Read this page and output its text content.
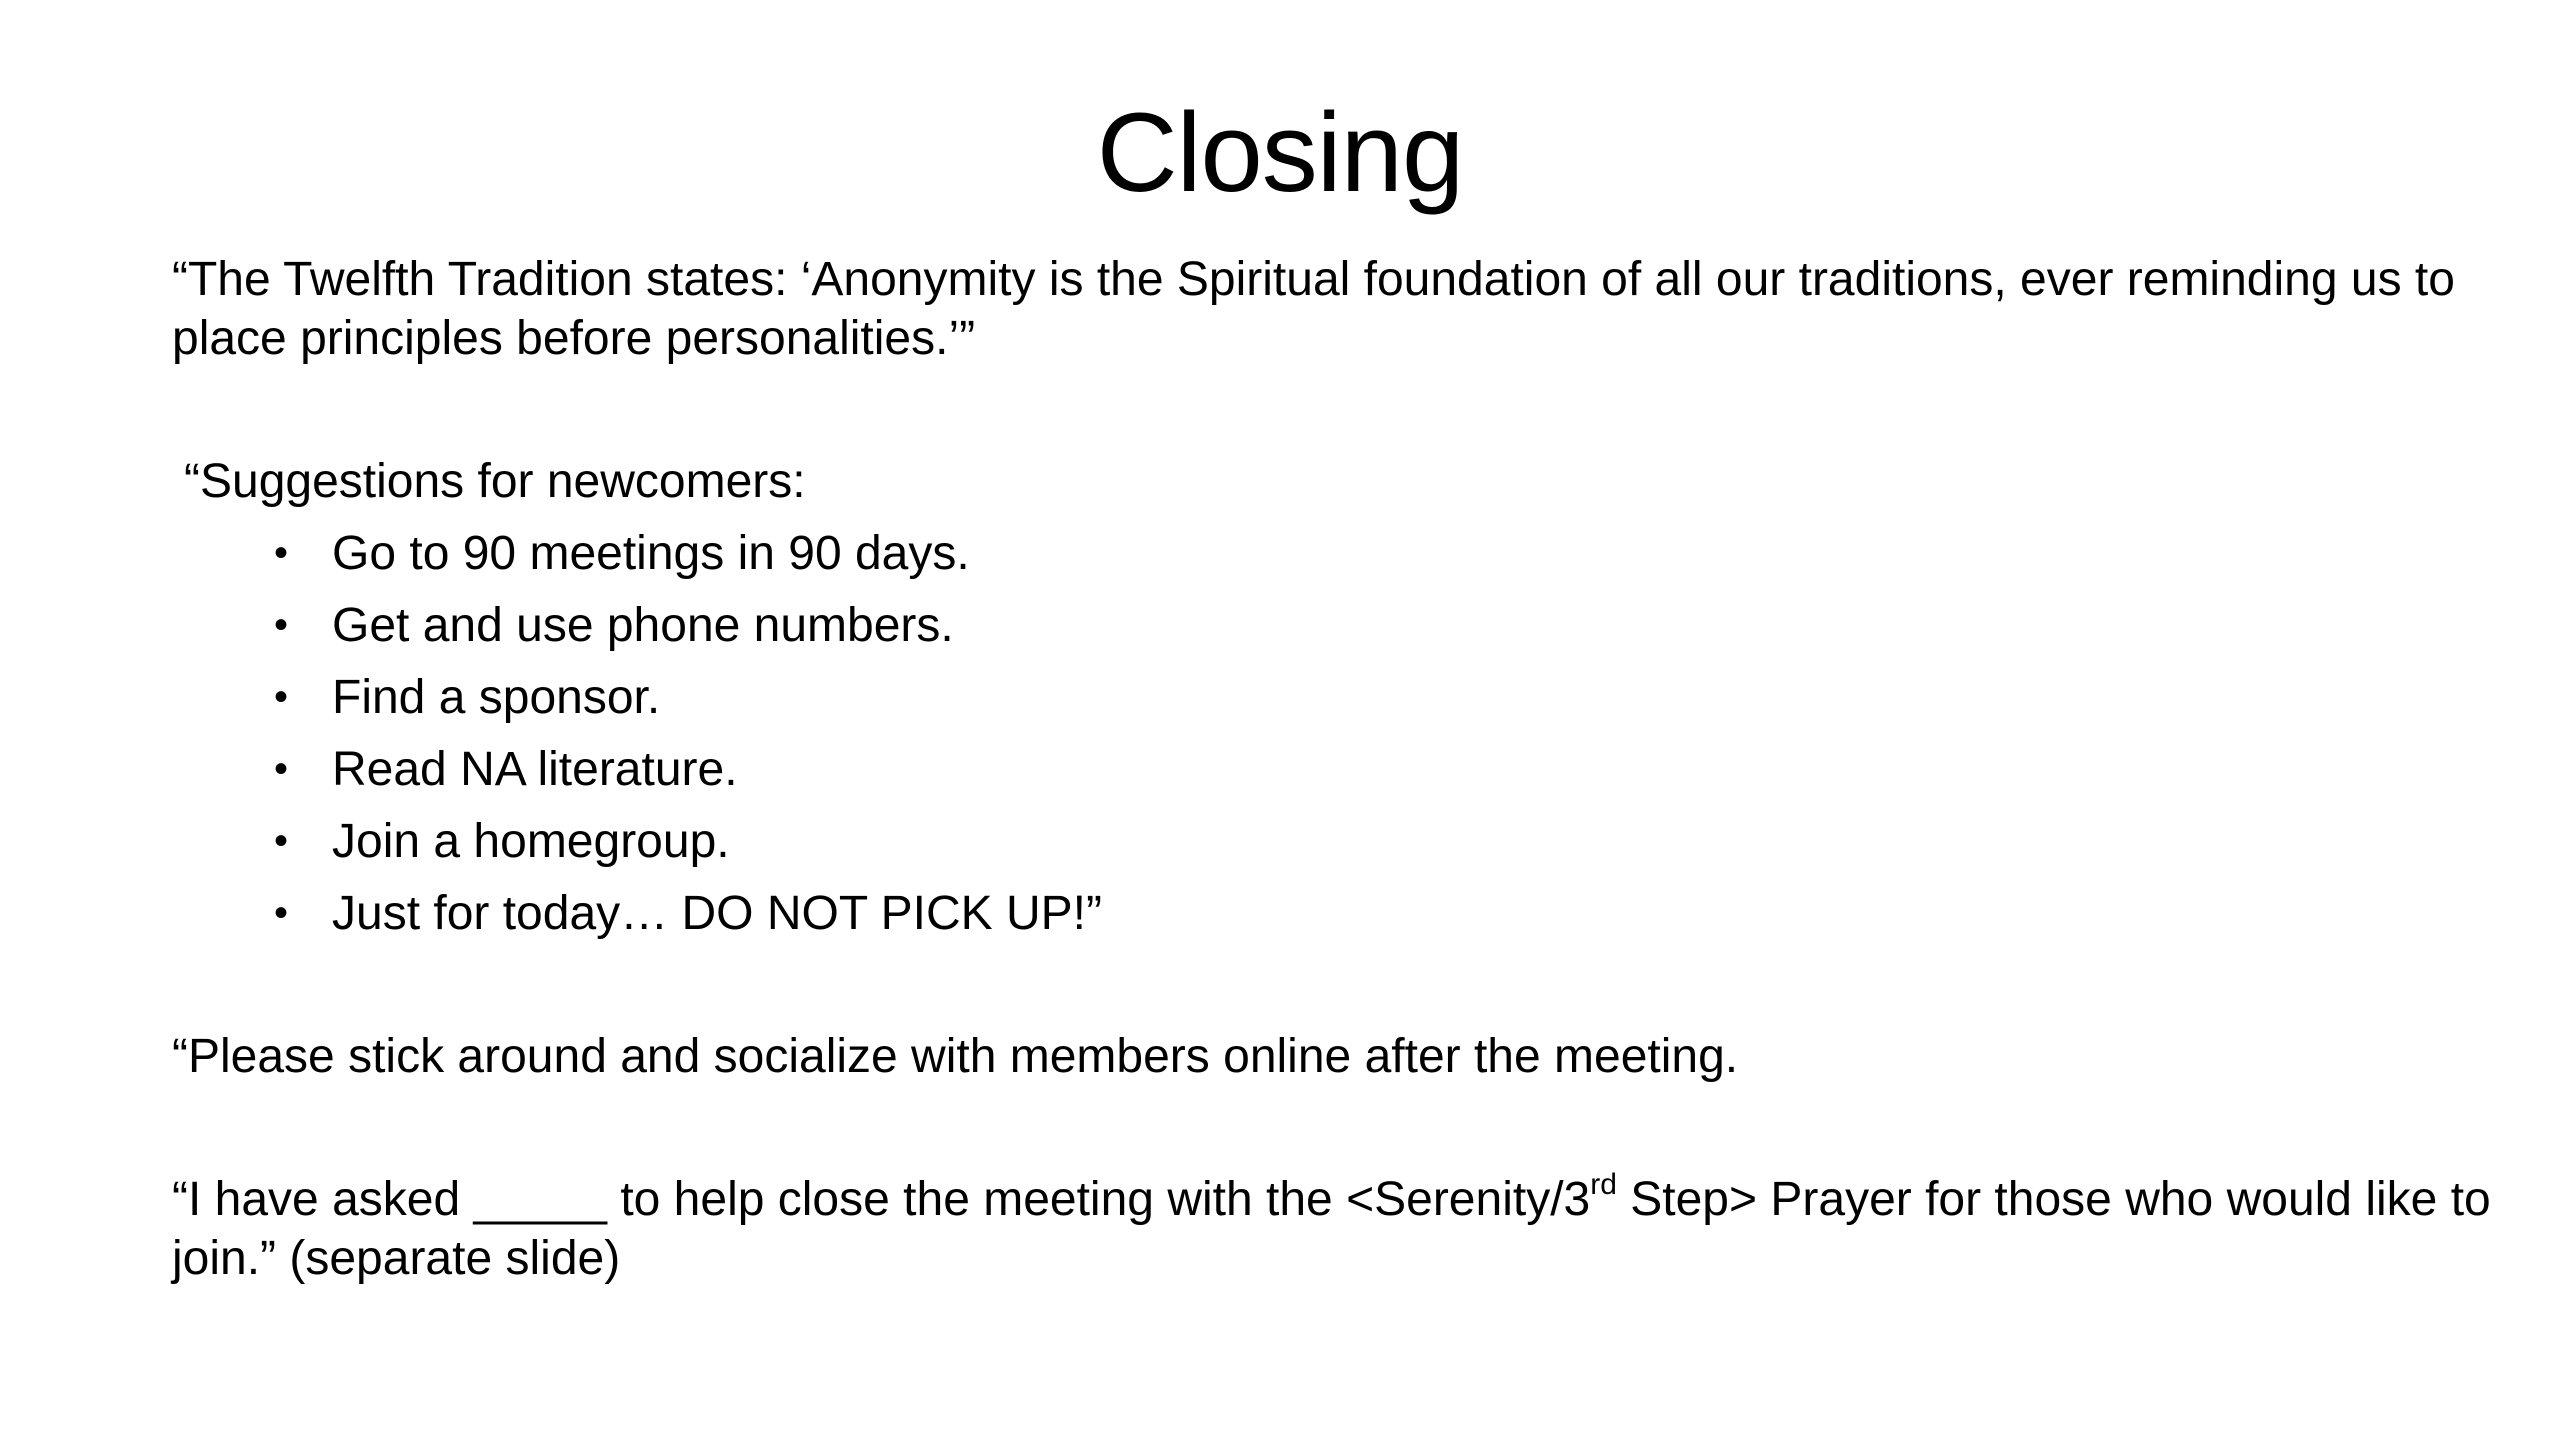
Closing

“The Twelfth Tradition states: ‘Anonymity is the Spiritual foundation of all our traditions, ever reminding us to place principles before personalities.’”

“Suggestions for newcomers:

• Go to 90 meetings in 90 days.
• Get and use phone numbers.
• Find a sponsor.
• Read NA literature.
• Join a homegroup.
• Just for today… DO NOT PICK UP!”

“Please stick around and socialize with members online after the meeting.

“I have asked _____ to help close the meeting with the <Serenity/3rd Step> Prayer for those who would like to join.” (separate slide)
